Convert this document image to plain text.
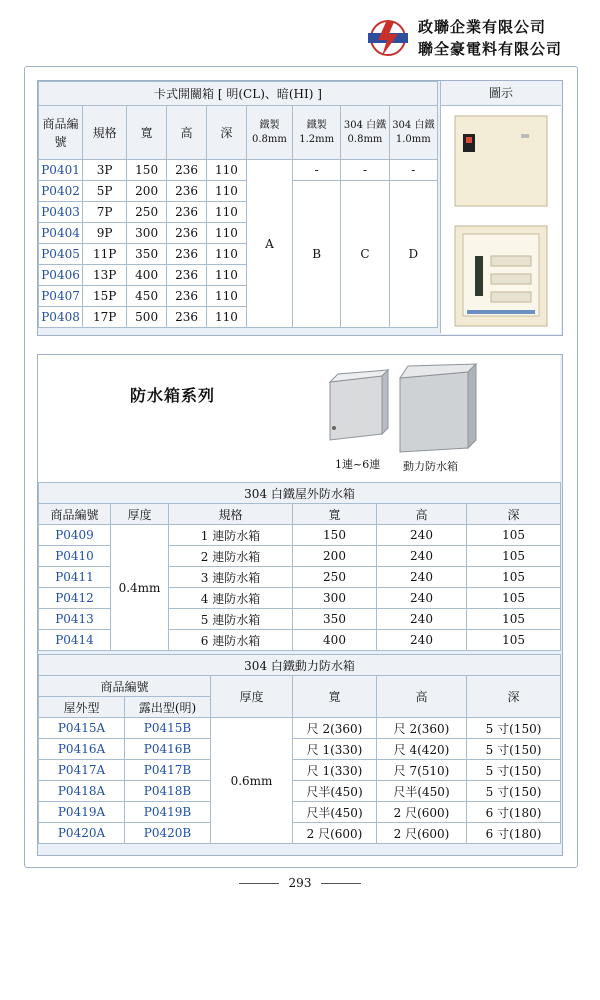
政聯企業有限公司
聯全豪電料有限公司
卡式開關箱 [ 明(CL)、暗(HI) ]								
商品編號	規格	寬	高	深	鐵製 0.8mm	鐵製 1.2mm	304 白鐵 0.8mm	304 白鐵 1.0mm
P0401	3P	150	236	110	A	-	-	-
P0402	5P	200	236	110		B	C	D
P0403	7P	250	236	110				
P0404	9P	300	236	110				
P0405	11P	350	236	110				
P0406	13P	400	236	110				
P0407	15P	450	236	110				
P0408	17P	500	236	110				
圖示
防水箱系列
1連~6連 動力防水箱
304 白鐵屋外防水箱					
商品編號	厚度	規格	寬	高	深
P0409	0.4mm	1 連防水箱	150	240	105
P0410		2 連防水箱	200	240	105
P0411		3 連防水箱	250	240	105
P0412		4 連防水箱	300	240	105
P0413		5 連防水箱	350	240	105
P0414		6 連防水箱	400	240	105
304 白鐵動力防水箱					
商品編號		厚度	寬	高	深
屋外型	露出型(明)				
P0415A	P0415B	0.6mm	尺 2(360)	尺 2(360)	5 寸(150)
P0416A	P0416B		尺 1(330)	尺 4(420)	5 寸(150)
P0417A	P0417B		尺 1(330)	尺 7(510)	5 寸(150)
P0418A	P0418B		尺半(450)	尺半(450)	5 寸(150)
P0419A	P0419B		尺半(450)	2 尺(600)	6 寸(180)
P0420A	P0420B		2 尺(600)	2 尺(600)	6 寸(180)
293
